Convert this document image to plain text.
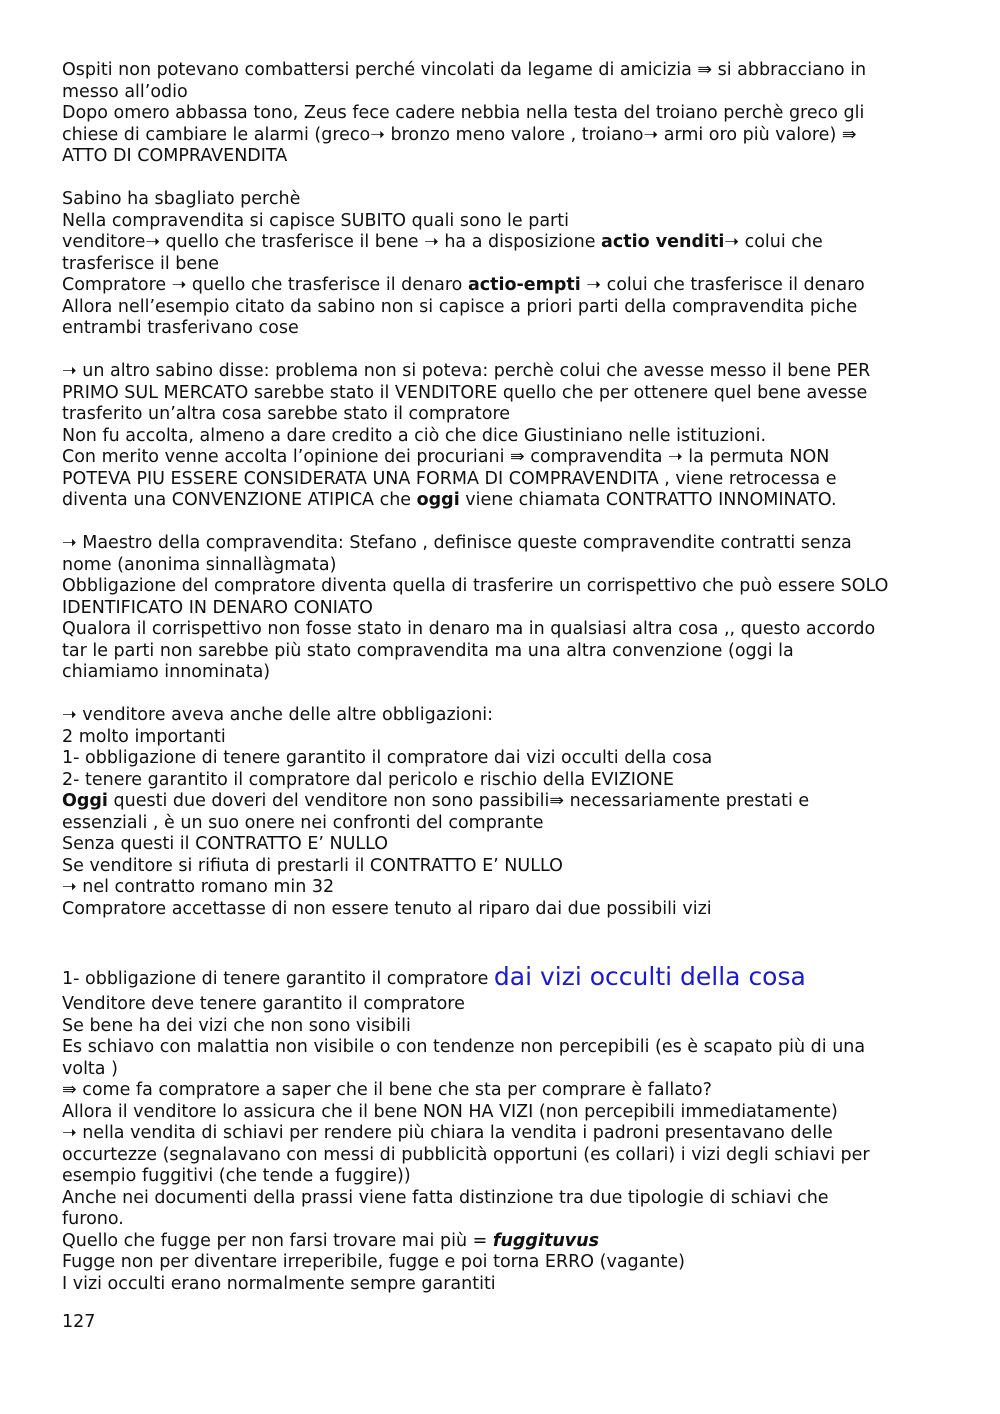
Ospiti non potevano combattersi perché vincolati da legame di amicizia ⇛ si abbracciano in
messo all’odio
Dopo omero abbassa tono, Zeus fece cadere nebbia nella testa del troiano perchè greco gli
chiese di cambiare le alarmi (greco➝ bronzo meno valore , troiano➝ armi oro più valore) ⇛
ATTO DI COMPRAVENDITA
Sabino ha sbagliato perchè
Nella compravendita si capisce SUBITO quali sono le parti
venditore➝ quello che trasferisce il bene ➝ ha a disposizione actio venditi➝ colui che
trasferisce il bene
Compratore ➝ quello che trasferisce il denaro actio-empti ➝ colui che trasferisce il denaro
Allora nell’esempio citato da sabino non si capisce a priori parti della compravendita piche
entrambi trasferivano cose
➝ un altro sabino disse: problema non si poteva: perchè colui che avesse messo il bene PER
PRIMO SUL MERCATO sarebbe stato il VENDITORE quello che per ottenere quel bene avesse
trasferito un’altra cosa sarebbe stato il compratore
Non fu accolta, almeno a dare credito a ciò che dice Giustiniano nelle istituzioni.
Con merito venne accolta l’opinione dei procuriani ⇛ compravendita ➝ la permuta NON
POTEVA PIU ESSERE CONSIDERATA UNA FORMA DI COMPRAVENDITA , viene retrocessa e
diventa una CONVENZIONE ATIPICA che oggi viene chiamata CONTRATTO INNOMINATO.
➝ Maestro della compravendita: Stefano , definisce queste compravendite contratti senza
nome (anonima sinnallàgmata)
Obbligazione del compratore diventa quella di trasferire un corrispettivo che può essere SOLO
IDENTIFICATO IN DENARO CONIATO
Qualora il corrispettivo non fosse stato in denaro ma in qualsiasi altra cosa ,, questo accordo
tar le parti non sarebbe più stato compravendita ma una altra convenzione (oggi la
chiamiamo innominata)
➝ venditore aveva anche delle altre obbligazioni:
2 molto importanti
1- obbligazione di tenere garantito il compratore dai vizi occulti della cosa
2- tenere garantito il compratore dal pericolo e rischio della EVIZIONE
Oggi questi due doveri del venditore non sono passibili⇛ necessariamente prestati e
essenziali , è un suo onere nei confronti del comprante
Senza questi il CONTRATTO E’ NULLO
Se venditore si rifiuta di prestarli il CONTRATTO E’ NULLO
➝ nel contratto romano min 32
Compratore accettasse di non essere tenuto al riparo dai due possibili vizi
1- obbligazione di tenere garantito il compratore dai vizi occulti della cosa
Venditore deve tenere garantito il compratore
Se bene ha dei vizi che non sono visibili
Es schiavo con malattia non visibile o con tendenze non percepibili (es è scapato più di una
volta )
⇛ come fa compratore a saper che il bene che sta per comprare è fallato?
Allora il venditore lo assicura che il bene NON HA VIZI (non percepibili immediatamente)
➝ nella vendita di schiavi per rendere più chiara la vendita i padroni presentavano delle
occurtezze (segnalavano con messi di pubblicità opportuni (es collari) i vizi degli schiavi per
esempio fuggitivi (che tende a fuggire))
Anche nei documenti della prassi viene fatta distinzione tra due tipologie di schiavi che
furono.
Quello che fugge per non farsi trovare mai più = fuggituvus
Fugge non per diventare irreperibile, fugge e poi torna ERRO (vagante)
I vizi occulti erano normalmente sempre garantiti
127
